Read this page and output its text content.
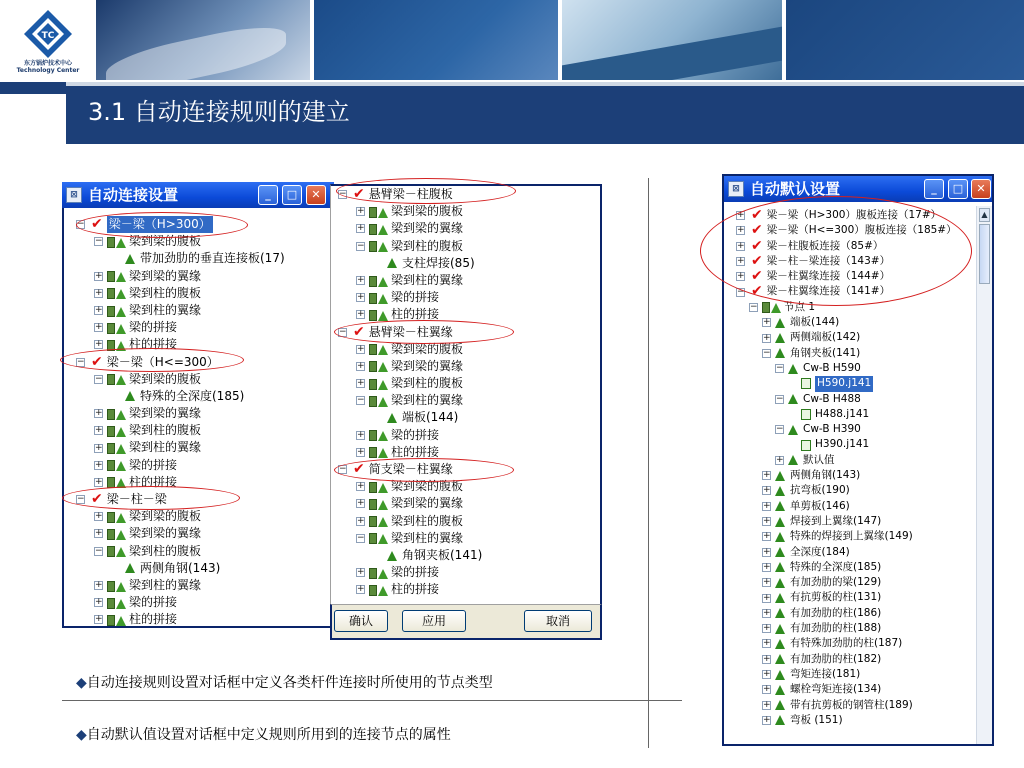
TC
东方锅炉技术中心
Technology Center
3.1 自动连接规则的建立
⊠ 自动连接设置	_	□	✕
− ✔ 梁－梁（H>300）
− 梁到梁的腹板
带加劲肋的垂直连接板(17)
+ 梁到梁的翼缘
+ 梁到柱的腹板
+ 梁到柱的翼缘
+ 梁的拼接
+ 柱的拼接
− ✔ 梁－梁（H<=300）
− 梁到梁的腹板
特殊的全深度(185)
+ 梁到梁的翼缘
+ 梁到柱的腹板
+ 梁到柱的翼缘
+ 梁的拼接
+ 柱的拼接
− ✔ 梁－柱－梁
+ 梁到梁的腹板
+ 梁到梁的翼缘
− 梁到柱的腹板
两侧角钢(143)
+ 梁到柱的翼缘
+ 梁的拼接
+ 柱的拼接
− ✔ 悬臂梁－柱腹板
+ 梁到梁的腹板
+ 梁到梁的翼缘
− 梁到柱的腹板
支柱焊接(85)
+ 梁到柱的翼缘
+ 梁的拼接
+ 柱的拼接
− ✔ 悬臂梁－柱翼缘
+ 梁到梁的腹板
+ 梁到梁的翼缘
+ 梁到柱的腹板
− 梁到柱的翼缘
端板(144)
+ 梁的拼接
+ 柱的拼接
− ✔ 简支梁－柱翼缘
+ 梁到梁的腹板
+ 梁到梁的翼缘
+ 梁到柱的腹板
− 梁到柱的翼缘
角钢夹板(141)
+ 梁的拼接
+ 柱的拼接
确认	应用	取消
⊠ 自动默认设置	_	□	✕
+ ✔ 梁－梁（H>300）腹板连接（17#）
+ ✔ 梁－梁（H<=300）腹板连接（185#）
+ ✔ 梁－柱腹板连接（85#）
+ ✔ 梁－柱－梁连接（143#）
+ ✔ 梁－柱翼缘连接（144#）
− ✔ 梁－柱翼缘连接（141#）
−	节点 1
+ 端板(144)
+ 两侧端板(142)
− 角钢夹板(141)
− Cw-B H590
H590.j141
− Cw-B H488
H488.j141
− Cw-B H390
H390.j141
+ 默认值
+ 两侧角钢(143)
+ 抗弯板(190)
+ 单剪板(146)
+ 焊接到上翼缘(147)
+ 特殊的焊接到上翼缘(149)
+ 全深度(184)
+ 特殊的全深度(185)
+ 有加劲肋的梁(129)
+ 有抗剪板的柱(131)
+ 有加劲肋的柱(186)
+ 有加劲肋的柱(188)
+ 有特殊加劲肋的柱(187)
+ 有加劲肋的柱(182)
+ 弯矩连接(181)
+ 螺栓弯矩连接(134)
+ 带有抗剪板的钢管柱(189)
+ 弯板 (151)
▲
◆自动连接规则设置对话框中定义各类杆件连接时所使用的节点类型
◆自动默认值设置对话框中定义规则所用到的连接节点的属性
